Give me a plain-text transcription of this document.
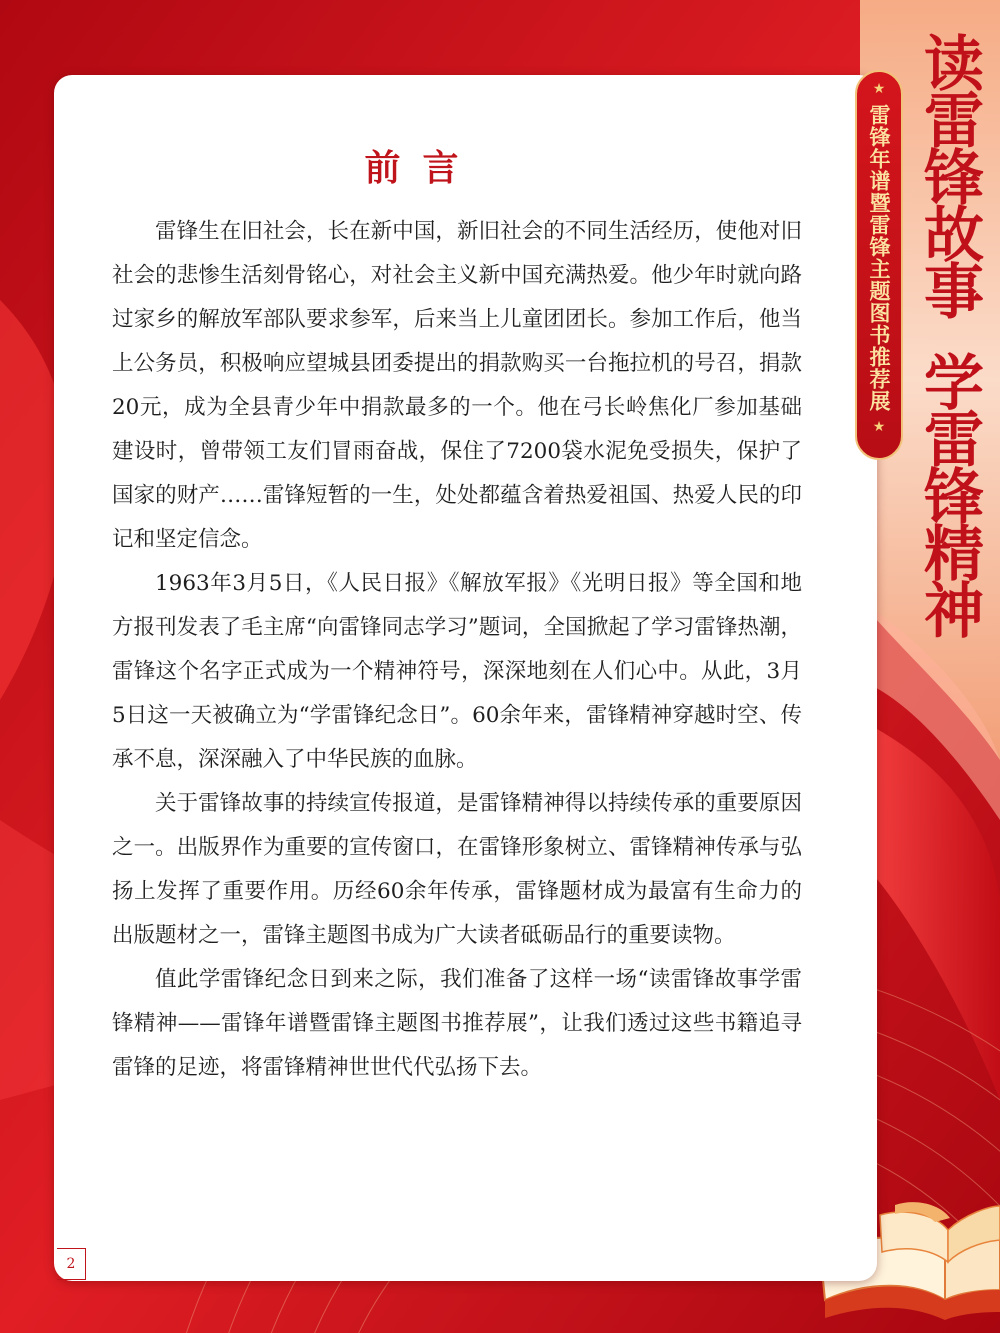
前言

雷锋生在旧社会，长在新中国，新旧社会的不同生活经历，使他对旧社会的悲惨生活刻骨铭心，对社会主义新中国充满热爱。他少年时就向路过家乡的解放军部队要求参军，后来当上儿童团团长。参加工作后，他当上公务员，积极响应望城县团委提出的捐款购买一台拖拉机的号召，捐款20元，成为全县青少年中捐款最多的一个。他在弓长岭焦化厂参加基础建设时，曾带领工友们冒雨奋战，保住了7200袋水泥免受损失，保护了国家的财产……雷锋短暂的一生，处处都蕴含着热爱祖国、热爱人民的印记和坚定信念。

1963年3月5日，《人民日报》《解放军报》《光明日报》等全国和地方报刊发表了毛主席“向雷锋同志学习”题词，全国掀起了学习雷锋热潮，雷锋这个名字正式成为一个精神符号，深深地刻在人们心中。从此，3月5日这一天被确立为“学雷锋纪念日”。60余年来，雷锋精神穿越时空、传承不息，深深融入了中华民族的血脉。

关于雷锋故事的持续宣传报道，是雷锋精神得以持续传承的重要原因之一。出版界作为重要的宣传窗口，在雷锋形象树立、雷锋精神传承与弘扬上发挥了重要作用。历经60余年传承，雷锋题材成为最富有生命力的出版题材之一，雷锋主题图书成为广大读者砥砺品行的重要读物。

值此学雷锋纪念日到来之际，我们准备了这样一场“读雷锋故事学雷锋精神——雷锋年谱暨雷锋主题图书推荐展”，让我们透过这些书籍追寻雷锋的足迹，将雷锋精神世世代代弘扬下去。

2
★
雷锋年谱暨雷锋主题图书推荐展
★
读雷锋故事学雷锋精神
